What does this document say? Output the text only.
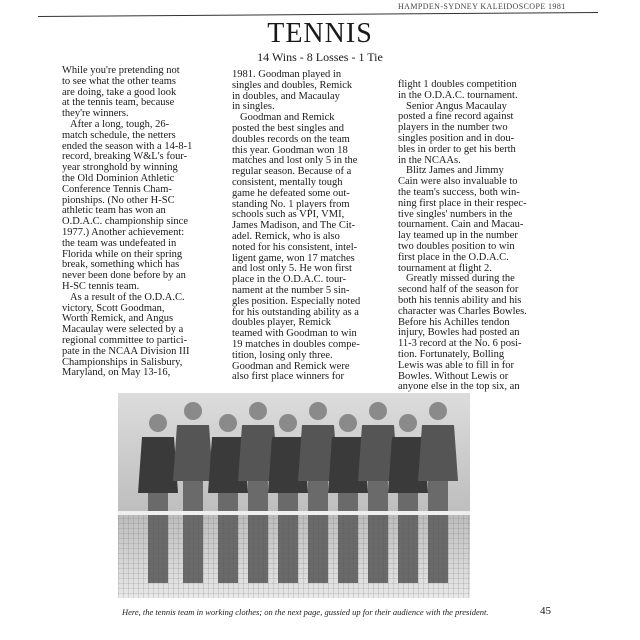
HAMPDEN-SYDNEY KALEIDOSCOPE 1981
TENNIS
14 Wins - 8 Losses - 1 Tie
While you're pretending not
to see what the other teams
are doing, take a good look
at the tennis team, because
they're winners.
After a long, tough, 26-
match schedule, the netters
ended the season with a 14-8-1
record, breaking W&L's four-
year stronghold by winning
the Old Dominion Athletic
Conference Tennis Cham-
pionships. (No other H-SC
athletic team has won an
O.D.A.C. championship since
1977.) Another achievement:
the team was undefeated in
Florida while on their spring
break, something which has
never been done before by an
H-SC tennis team.
As a result of the O.D.A.C.
victory, Scott Goodman,
Worth Remick, and Angus
Macaulay were selected by a
regional committee to partici-
pate in the NCAA Division III
Championships in Salisbury,
Maryland, on May 13-16,
1981. Goodman played in
singles and doubles, Remick
in doubles, and Macaulay
in singles.
Goodman and Remick
posted the best singles and
doubles records on the team
this year. Goodman won 18
matches and lost only 5 in the
regular season. Because of a
consistent, mentally tough
game he defeated some out-
standing No. 1 players from
schools such as VPI, VMI,
James Madison, and The Cit-
adel. Remick, who is also
noted for his consistent, intel-
ligent game, won 17 matches
and lost only 5. He won first
place in the O.D.A.C. tour-
nament at the number 5 sin-
gles position. Especially noted
for his outstanding ability as a
doubles player, Remick
teamed with Goodman to win
19 matches in doubles compe-
tition, losing only three.
Goodman and Remick were
also first place winners for
flight 1 doubles competition
in the O.D.A.C. tournament.
Senior Angus Macaulay
posted a fine record against
players in the number two
singles position and in dou-
bles in order to get his berth
in the NCAAs.
Blitz James and Jimmy
Cain were also invaluable to
the team's success, both win-
ning first place in their respec-
tive singles' numbers in the
tournament. Cain and Macau-
lay teamed up in the number
two doubles position to win
first place in the O.D.A.C.
tournament at flight 2.
Greatly missed during the
second half of the season for
both his tennis ability and his
character was Charles Bowles.
Before his Achilles tendon
injury, Bowles had posted an
11-3 record at the No. 6 posi-
tion. Fortunately, Bolling
Lewis was able to fill in for
Bowles. Without Lewis or
anyone else in the top six, an
Here, the tennis team in working clothes; on the next page, gussied up for their audience with the president.	45
